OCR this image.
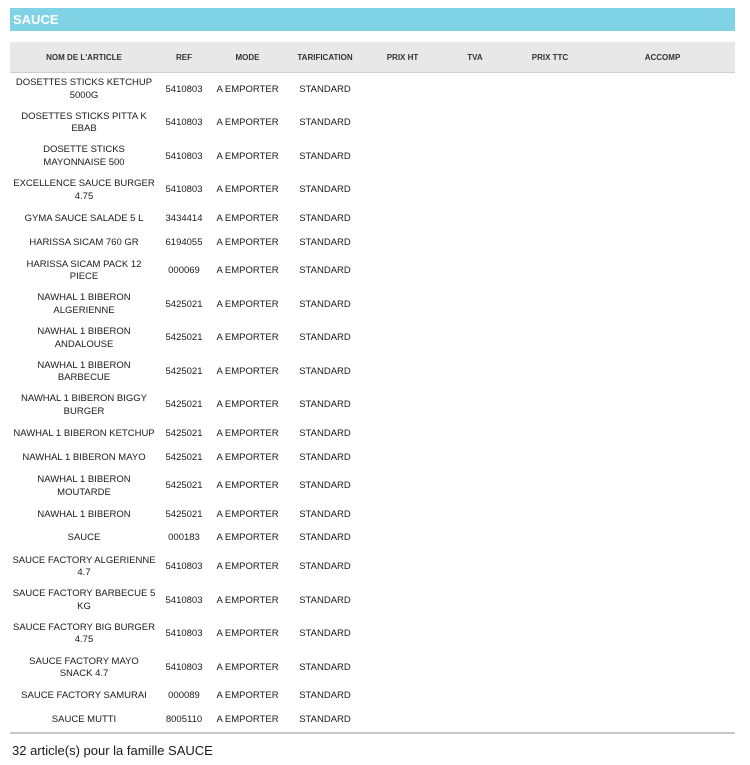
SAUCE
NOM DE L'ARTICLE	REF	MODE	TARIFICATION	PRIX HT	TVA	PRIX TTC	ACCOMP
DOSETTES STICKS KETCHUP 5000G	5410803	A EMPORTER	STANDARD				
DOSETTES STICKS PITTA K EBAB	5410803	A EMPORTER	STANDARD				
DOSETTE STICKS MAYONNAISE 500	5410803	A EMPORTER	STANDARD				
EXCELLENCE SAUCE BURGER 4.75	5410803	A EMPORTER	STANDARD				
GYMA SAUCE SALADE 5 L	3434414	A EMPORTER	STANDARD				
HARISSA SICAM 760 GR	6194055	A EMPORTER	STANDARD				
HARISSA SICAM PACK 12 PIECE	000069	A EMPORTER	STANDARD				
NAWHAL 1 BIBERON ALGERIENNE	5425021	A EMPORTER	STANDARD				
NAWHAL 1 BIBERON ANDALOUSE	5425021	A EMPORTER	STANDARD				
NAWHAL 1 BIBERON BARBECUE	5425021	A EMPORTER	STANDARD				
NAWHAL 1 BIBERON BIGGY BURGER	5425021	A EMPORTER	STANDARD				
NAWHAL 1 BIBERON KETCHUP	5425021	A EMPORTER	STANDARD				
NAWHAL 1 BIBERON MAYO	5425021	A EMPORTER	STANDARD				
NAWHAL 1 BIBERON MOUTARDE	5425021	A EMPORTER	STANDARD				
NAWHAL 1 BIBERON	5425021	A EMPORTER	STANDARD				
SAUCE	000183	A EMPORTER	STANDARD				
SAUCE FACTORY ALGERIENNE 4.7	5410803	A EMPORTER	STANDARD				
SAUCE FACTORY BARBECUE 5 KG	5410803	A EMPORTER	STANDARD				
SAUCE FACTORY BIG BURGER 4.75	5410803	A EMPORTER	STANDARD				
SAUCE FACTORY MAYO SNACK 4.7	5410803	A EMPORTER	STANDARD				
SAUCE FACTORY SAMURAI	000089	A EMPORTER	STANDARD				
SAUCE MUTTI	8005110	A EMPORTER	STANDARD				
32 article(s) pour la famille SAUCE
